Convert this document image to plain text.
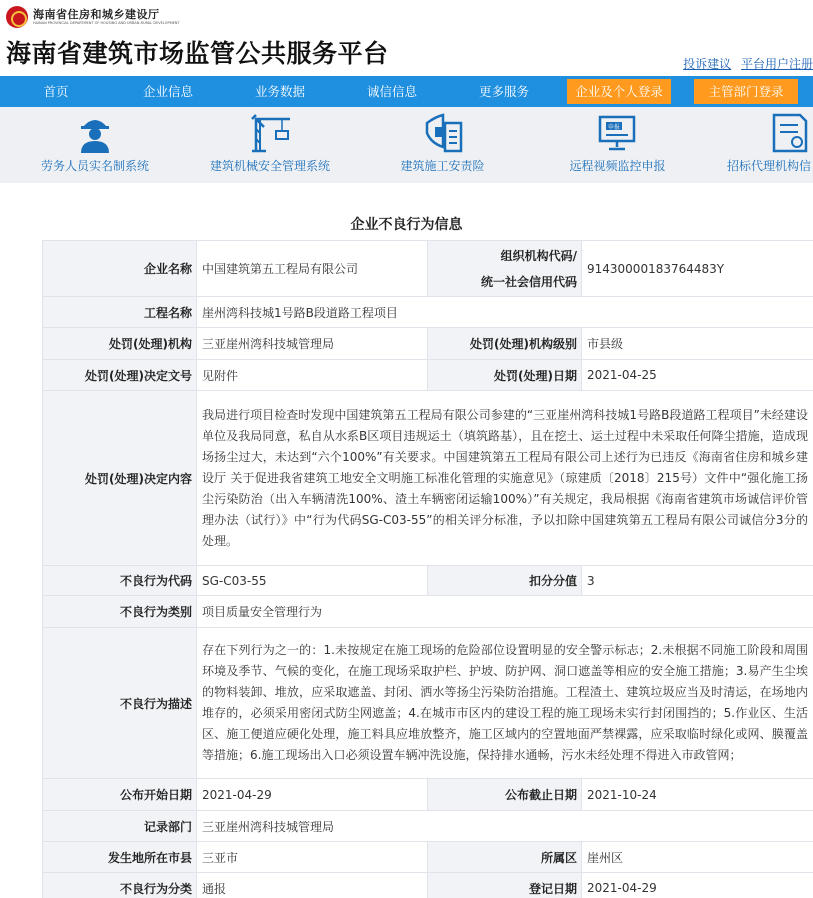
海南省住房和城乡建设厅
HAINAN PROVINCIAL DEPARTMENT OF HOUSING AND URBAN-RURAL DEVELOPMENT
海南省建筑市场监管公共服务平台	投诉建议 平台用户注册
首页	企业信息	业务数据	诚信信息	更多服务	企业及个人登录	主管部门登录
劳务人员实名制系统	建筑机械安全管理系统	建筑施工安责险
申报
远程视频监控申报	招标代理机构信
企业不良行为信息
企业名称	中国建筑第五工程局有限公司	组织机构代码/
统一社会信用代码	91430000183764483Y
工程名称	崖州湾科技城1号路B段道路工程项目		
处罚(处理)机构	三亚崖州湾科技城管理局	处罚(处理)机构级别	市县级
处罚(处理)决定文号	见附件	处罚(处理)日期	2021-04-25
处罚(处理)决定内容	我局进行项目检查时发现中国建筑第五工程局有限公司参建的“三亚崖州湾科技城1号路B段道路工程项目”未经建设单位及我局同意，私自从水系B区项目违规运土（填筑路基），且在挖土、运土过程中未采取任何降尘措施，造成现场扬尘过大，未达到“六个100%”有关要求。中国建筑第五工程局有限公司上述行为已违反《海南省住房和城乡建设厅 关于促进我省建筑工地安全文明施工标准化管理的实施意见》（琼建质〔2018〕215号）文件中“强化施工扬尘污染防治（出入车辆清洗100%、渣土车辆密闭运输100%）”有关规定，我局根据《海南省建筑市场诚信评价管理办法（试行）》中“行为代码SG-C03-55”的相关评分标准，予以扣除中国建筑第五工程局有限公司诚信分3分的处理。		
不良行为代码	SG-C03-55	扣分分值	3
不良行为类别	项目质量安全管理行为		
不良行为描述	存在下列行为之一的：1.未按规定在施工现场的危险部位设置明显的安全警示标志；2.未根据不同施工阶段和周围环境及季节、气候的变化，在施工现场采取护栏、护坡、防护网、洞口遮盖等相应的安全施工措施；3.易产生尘埃的物料装卸、堆放，应采取遮盖、封闭、洒水等扬尘污染防治措施。工程渣土、建筑垃圾应当及时清运，在场地内堆存的，必须采用密闭式防尘网遮盖；4.在城市市区内的建设工程的施工现场未实行封闭围挡的；5.作业区、生活区、施工便道应硬化处理，施工料具应堆放整齐，施工区域内的空置地面严禁裸露，应采取临时绿化或网、膜覆盖等措施；6.施工现场出入口必须设置车辆冲洗设施，保持排水通畅，污水未经处理不得进入市政管网；		
公布开始日期	2021-04-29	公布截止日期	2021-10-24
记录部门	三亚崖州湾科技城管理局		
发生地所在市县	三亚市	所属区	崖州区
不良行为分类	通报	登记日期	2021-04-29
